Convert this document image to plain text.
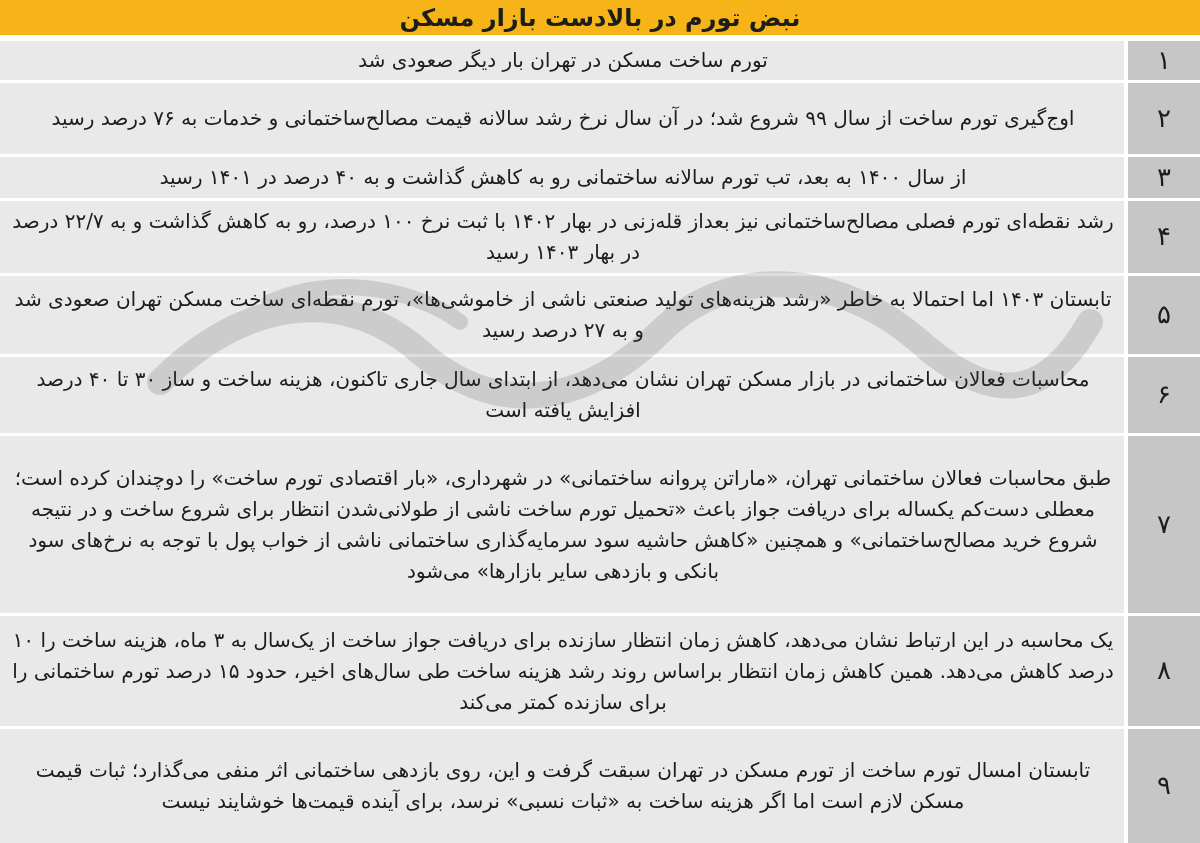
نبض تورم در بالادست بازار مسکن
۱

تورم ساخت مسکن در تهران بار دیگر صعودی شد

۲

اوج‌گیری تورم ساخت از سال ۹۹ شروع شد؛ در آن سال نرخ رشد سالانه قیمت مصالح‌ساختمانی و خدمات به ۷۶ درصد رسید

۳

از سال ۱۴۰۰ به بعد، تب تورم سالانه ساختمانی رو به کاهش گذاشت و به ۴۰ درصد در ۱۴۰۱ رسید

۴

رشد نقطه‌ای تورم فصلی مصالح‌ساختمانی نیز بعداز قله‌زنی در بهار ۱۴۰۲ با ثبت نرخ ۱۰۰ درصد، رو به کاهش گذاشت و به ۲۲/۷ درصد در بهار ۱۴۰۳ رسید

۵

تابستان ۱۴۰۳ اما احتمالا به خاطر «رشد هزینه‌های تولید صنعتی ناشی از خاموشی‌ها»، تورم نقطه‌ای ساخت مسکن تهران صعودی شد و به ۲۷ درصد رسید

۶

محاسبات فعالان ساختمانی در بازار مسکن تهران نشان می‌دهد، از ابتدای سال جاری تاکنون، هزینه ساخت و ساز ۳۰ تا ۴۰ درصد افزایش یافته است

۷

طبق محاسبات فعالان ساختمانی تهران، «ماراتن پروانه ساختمانی» در شهرداری، «بار اقتصادی تورم ساخت» را دوچندان کرده است؛ معطلی دست‌کم یکساله برای دریافت جواز باعث «تحمیل تورم ساخت ناشی از طولانی‌شدن انتظار برای شروع ساخت و در نتیجه شروع خرید مصالح‌ساختمانی» و همچنین «کاهش حاشیه سود سرمایه‌گذاری ساختمانی ناشی از خواب پول با توجه به نرخ‌های سود بانکی و بازدهی سایر بازارها» می‌شود

۸

یک محاسبه در این ارتباط نشان می‌دهد، کاهش زمان انتظار سازنده برای دریافت جواز ساخت از یک‌سال به ۳ ماه، هزینه ساخت را ۱۰ درصد کاهش می‌دهد. همین کاهش زمان انتظار براساس روند رشد هزینه ساخت طی سال‌های اخیر، حدود ۱۵ درصد تورم ساختمانی را برای سازنده کمتر می‌کند

۹

تابستان امسال تورم ساخت از تورم مسکن در تهران سبقت گرفت و این، روی بازدهی ساختمانی اثر منفی می‌گذارد؛ ثبات قیمت مسکن لازم است اما اگر هزینه ساخت به «ثبات نسبی» نرسد، برای آینده قیمت‌ها خوشایند نیست
